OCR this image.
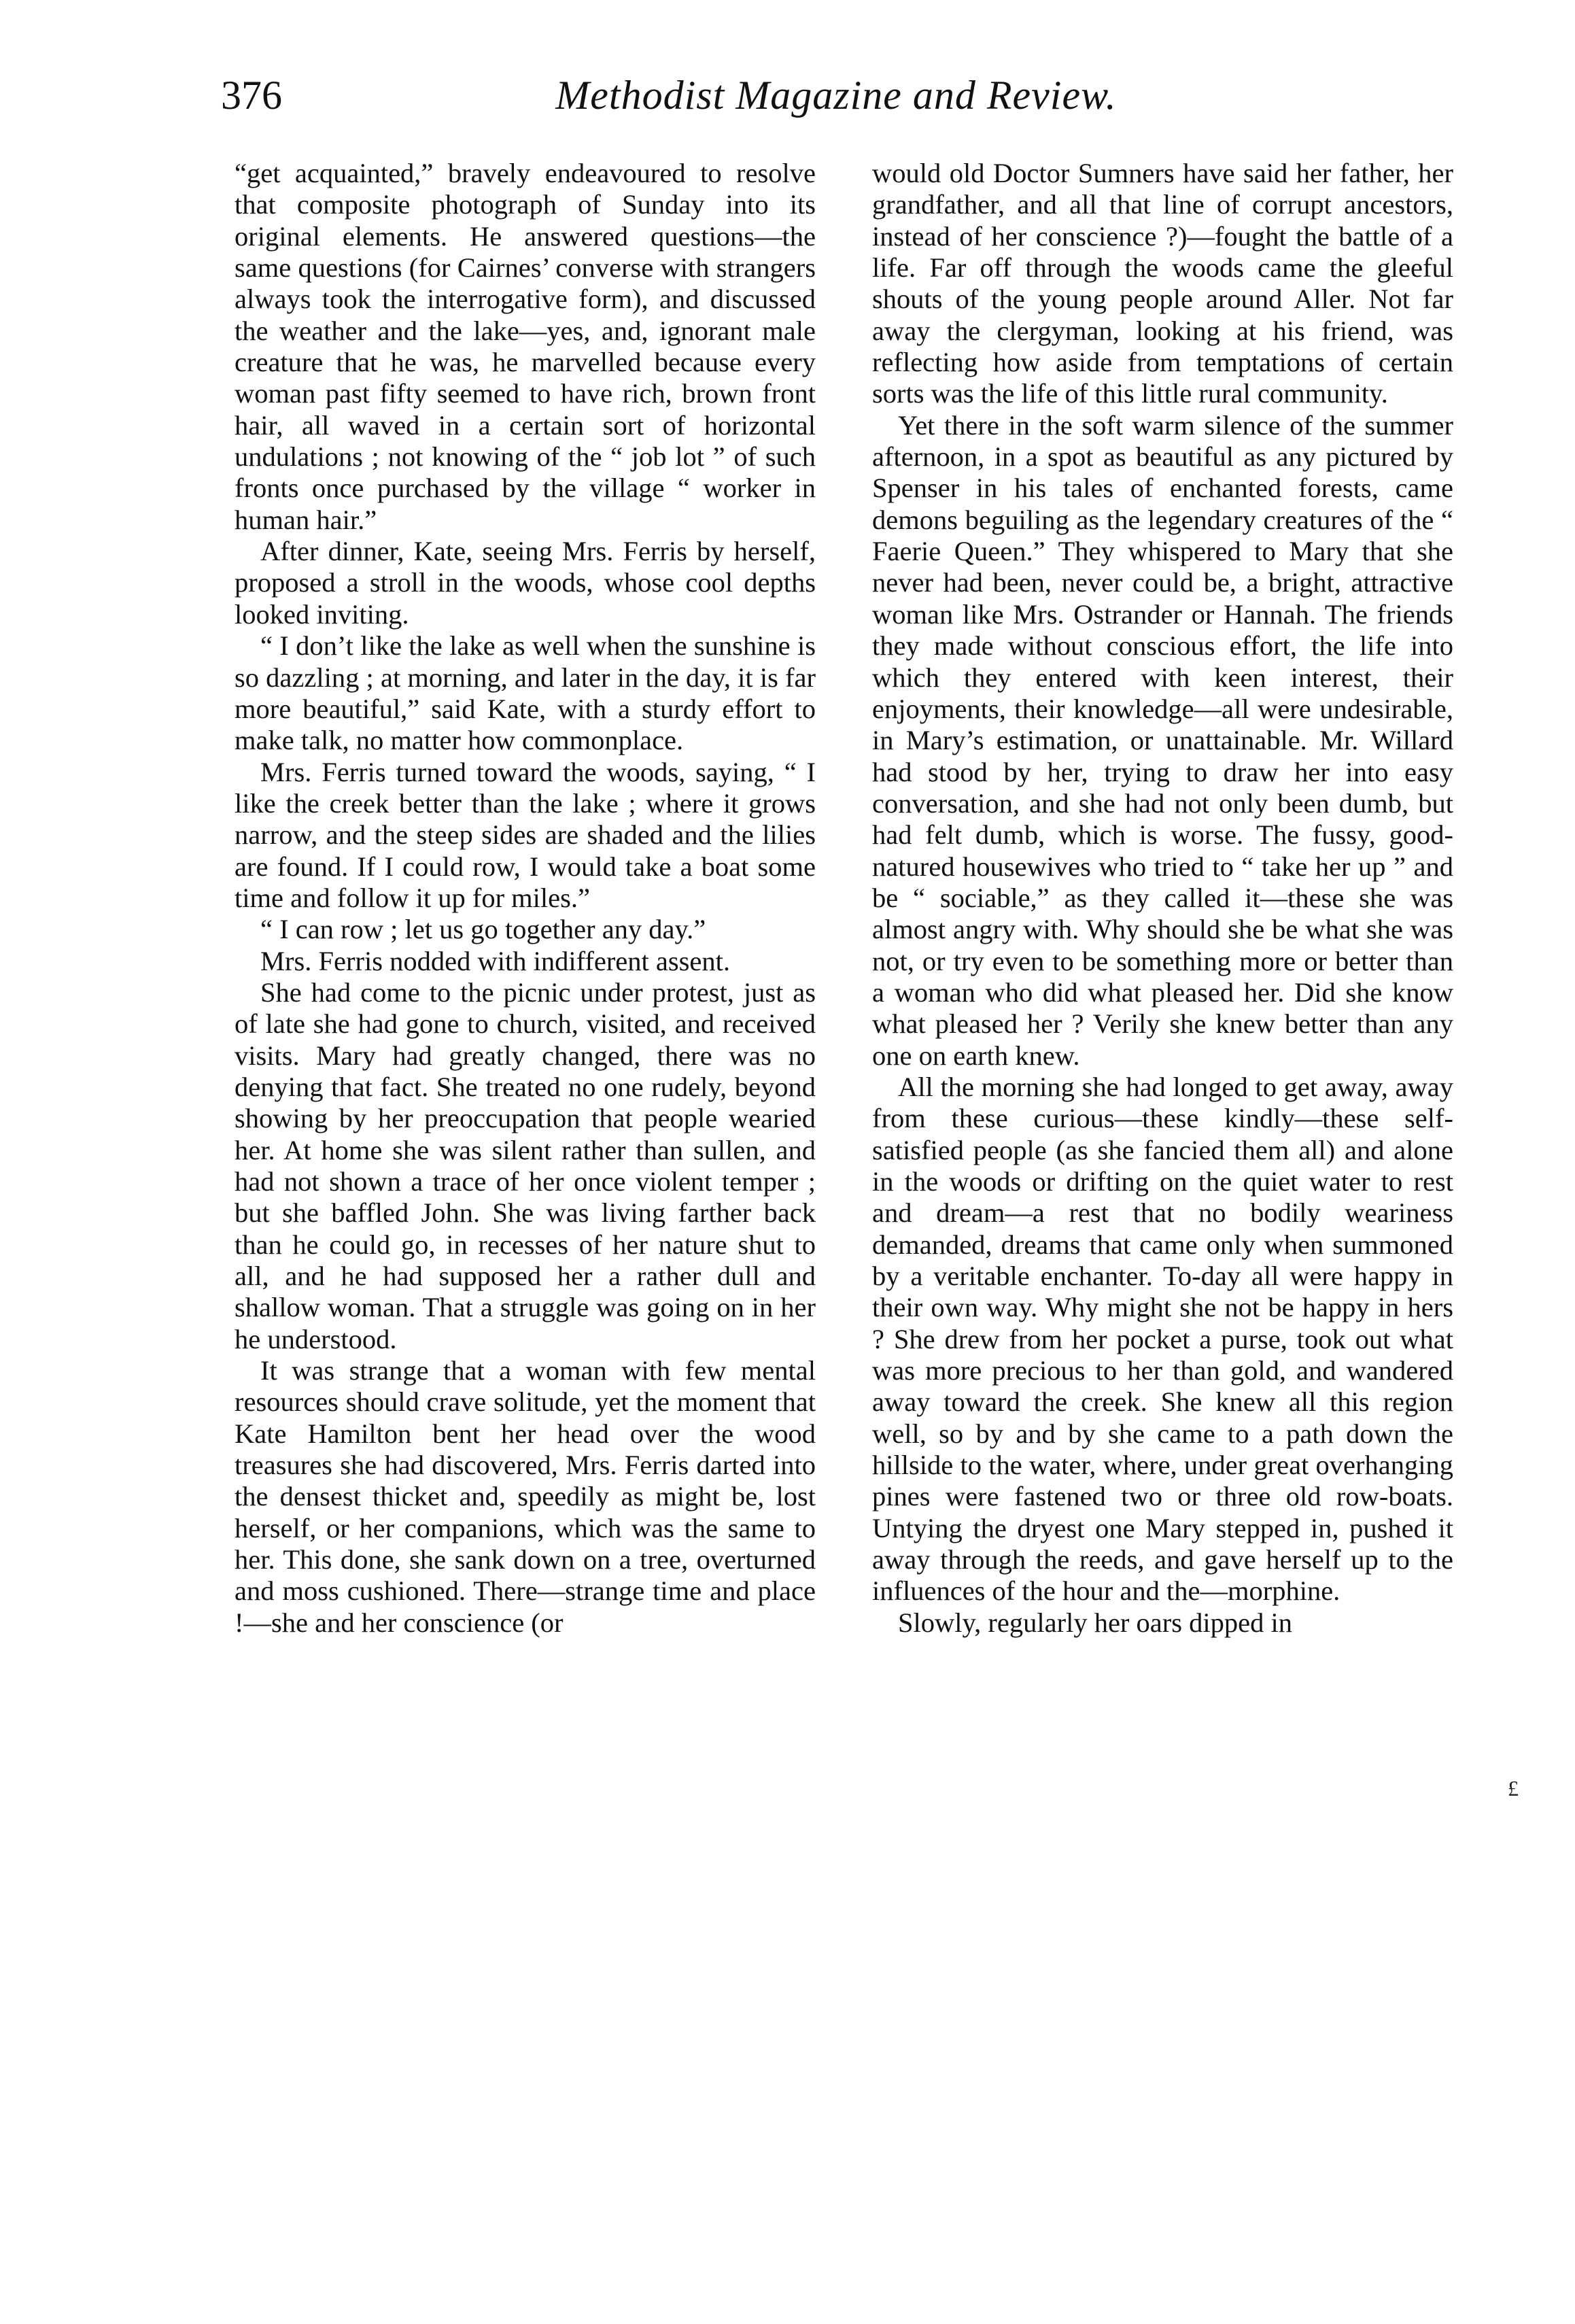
376	Methodist Magazine and Review.

“get acquainted,” bravely endeavoured to resolve that composite photograph of Sunday into its original elements. He answered questions—the same questions (for Cairnes’ converse with strangers always took the interrogative form), and discussed the weather and the lake—yes, and, ignorant male creature that he was, he marvelled because every woman past fifty seemed to have rich, brown front hair, all waved in a certain sort of horizontal undulations ; not knowing of the “ job lot ” of such fronts once purchased by the village “ worker in human hair.”

After dinner, Kate, seeing Mrs. Ferris by herself, proposed a stroll in the woods, whose cool depths looked inviting.

“ I don’t like the lake as well when the sunshine is so dazzling ; at morning, and later in the day, it is far more beautiful,” said Kate, with a sturdy effort to make talk, no matter how commonplace.

Mrs. Ferris turned toward the woods, saying, “ I like the creek better than the lake ; where it grows narrow, and the steep sides are shaded and the lilies are found. If I could row, I would take a boat some time and follow it up for miles.”

“ I can row ; let us go together any day.”

Mrs. Ferris nodded with indifferent assent.

She had come to the picnic under protest, just as of late she had gone to church, visited, and received visits. Mary had greatly changed, there was no denying that fact. She treated no one rudely, beyond showing by her preoccupation that people wearied her. At home she was silent rather than sullen, and had not shown a trace of her once violent temper ; but she baffled John. She was living farther back than he could go, in recesses of her nature shut to all, and he had supposed her a rather dull and shallow woman. That a struggle was going on in her he understood.

It was strange that a woman with few mental resources should crave solitude, yet the moment that Kate Hamilton bent her head over the wood treasures she had discovered, Mrs. Ferris darted into the densest thicket and, speedily as might be, lost herself, or her companions, which was the same to her. This done, she sank down on a tree, overturned and moss cushioned. There—strange time and place !—she and her conscience (or

would old Doctor Sumners have said her father, her grandfather, and all that line of corrupt ancestors, instead of her conscience ?)—fought the battle of a life. Far off through the woods came the gleeful shouts of the young people around Aller. Not far away the clergyman, looking at his friend, was reflecting how aside from temptations of certain sorts was the life of this little rural community.

Yet there in the soft warm silence of the summer afternoon, in a spot as beautiful as any pictured by Spenser in his tales of enchanted forests, came demons beguiling as the legendary creatures of the “ Faerie Queen.” They whispered to Mary that she never had been, never could be, a bright, attractive woman like Mrs. Ostrander or Hannah. The friends they made without conscious effort, the life into which they entered with keen interest, their enjoyments, their knowledge—all were undesirable, in Mary’s estimation, or unattainable. Mr. Willard had stood by her, trying to draw her into easy conversation, and she had not only been dumb, but had felt dumb, which is worse. The fussy, good-natured housewives who tried to “ take her up ” and be “ sociable,” as they called it—these she was almost angry with. Why should she be what she was not, or try even to be something more or better than a woman who did what pleased her. Did she know what pleased her ? Verily she knew better than any one on earth knew.

All the morning she had longed to get away, away from these curious—these kindly—these self-satisfied people (as she fancied them all) and alone in the woods or drifting on the quiet water to rest and dream—a rest that no bodily weariness demanded, dreams that came only when summoned by a veritable enchanter. To-day all were happy in their own way. Why might she not be happy in hers ? She drew from her pocket a purse, took out what was more precious to her than gold, and wandered away toward the creek. She knew all this region well, so by and by she came to a path down the hillside to the water, where, under great overhanging pines were fastened two or three old row-boats. Untying the dryest one Mary stepped in, pushed it away through the reeds, and gave herself up to the influences of the hour and the—morphine.

Slowly, regularly her oars dipped in

£
